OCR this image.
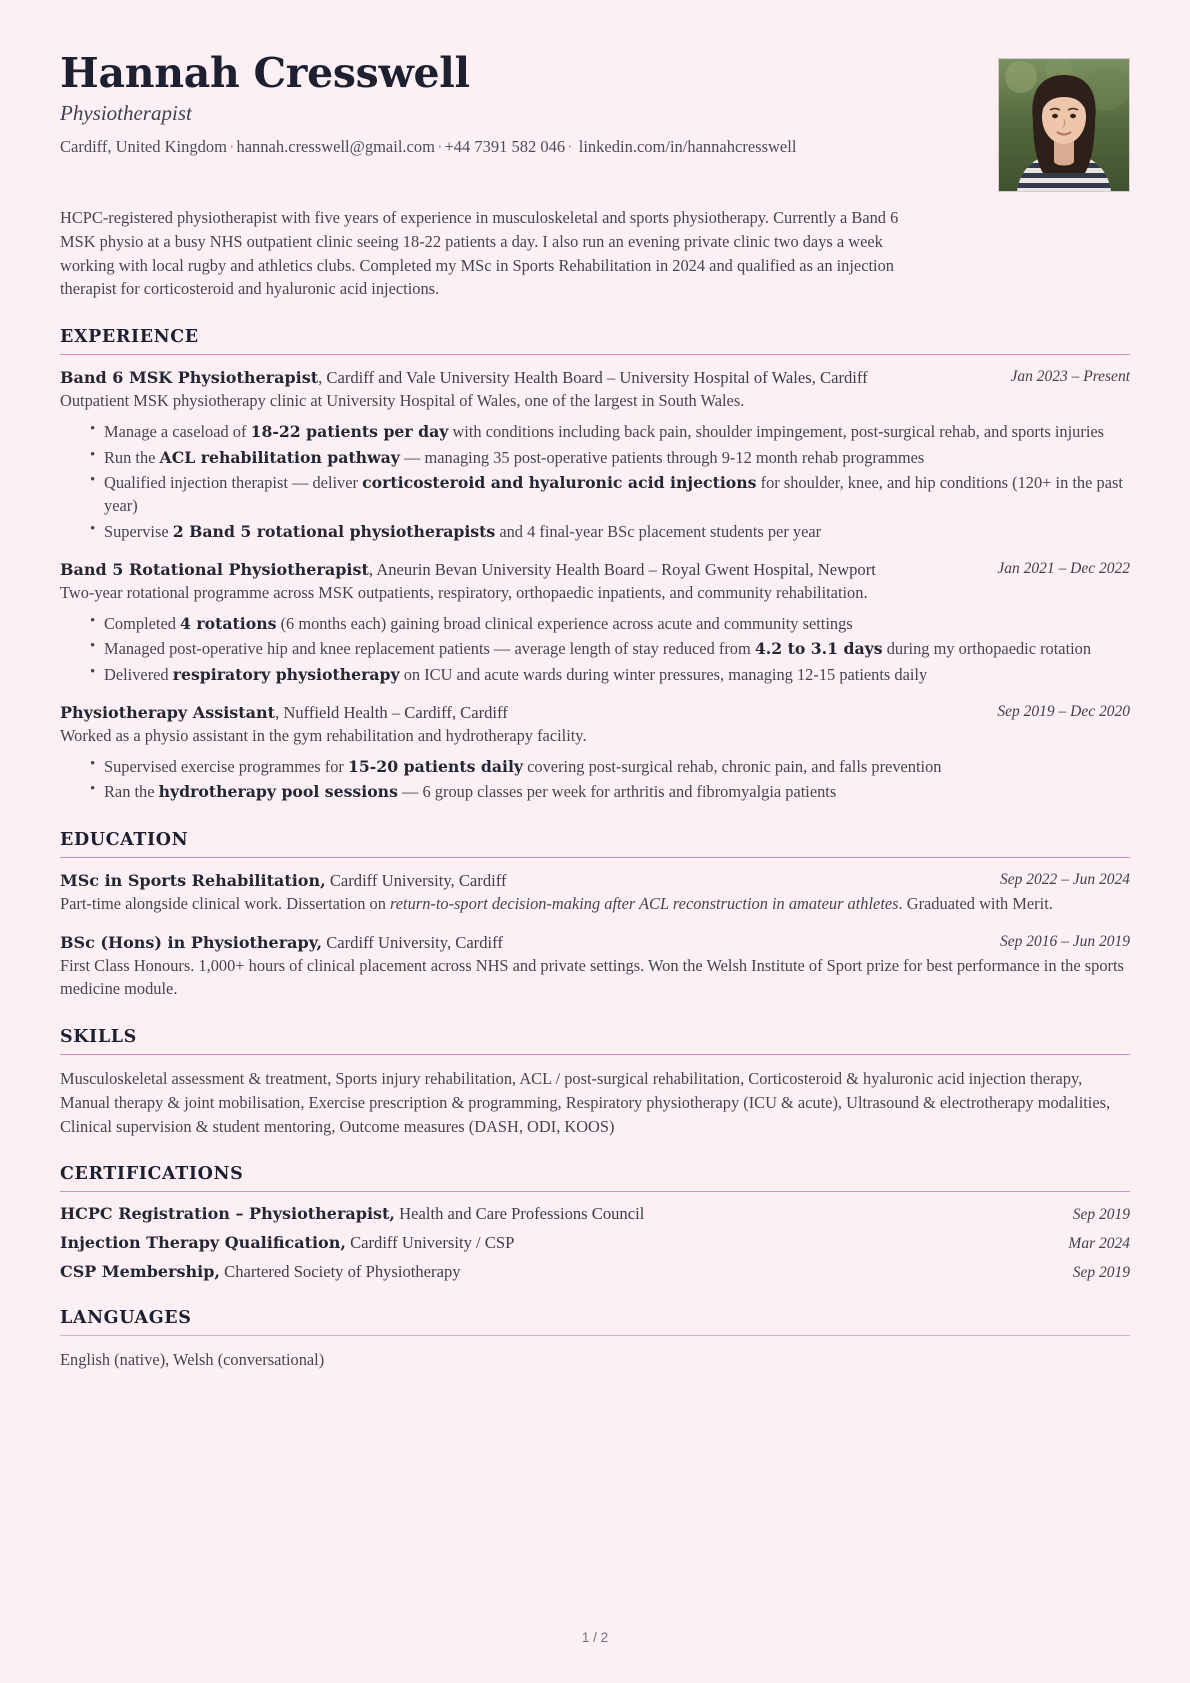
Hannah Cresswell
Physiotherapist
Cardiff, United Kingdom · hannah.cresswell@gmail.com · +44 7391 582 046 · linkedin.com/in/hannahcresswell

HCPC-registered physiotherapist with five years of experience in musculoskeletal and sports physiotherapy. Currently a Band 6 MSK physio at a busy NHS outpatient clinic seeing 18-22 patients a day. I also run an evening private clinic two days a week working with local rugby and athletics clubs. Completed my MSc in Sports Rehabilitation in 2024 and qualified as an injection therapist for corticosteroid and hyaluronic acid injections.

EXPERIENCE
Band 6 MSK Physiotherapist, Cardiff and Vale University Health Board – University Hospital of Wales, Cardiff	Jan 2023 – Present
Outpatient MSK physiotherapy clinic at University Hospital of Wales, one of the largest in South Wales.
• Manage a caseload of 18-22 patients per day with conditions including back pain, shoulder impingement, post-surgical rehab, and sports injuries
• Run the ACL rehabilitation pathway — managing 35 post-operative patients through 9-12 month rehab programmes
• Qualified injection therapist — deliver corticosteroid and hyaluronic acid injections for shoulder, knee, and hip conditions (120+ in the past year)
• Supervise 2 Band 5 rotational physiotherapists and 4 final-year BSc placement students per year
Band 5 Rotational Physiotherapist, Aneurin Bevan University Health Board – Royal Gwent Hospital, Newport	Jan 2021 – Dec 2022
Two-year rotational programme across MSK outpatients, respiratory, orthopaedic inpatients, and community rehabilitation.
• Completed 4 rotations (6 months each) gaining broad clinical experience across acute and community settings
• Managed post-operative hip and knee replacement patients — average length of stay reduced from 4.2 to 3.1 days during my orthopaedic rotation
• Delivered respiratory physiotherapy on ICU and acute wards during winter pressures, managing 12-15 patients daily
Physiotherapy Assistant, Nuffield Health – Cardiff, Cardiff	Sep 2019 – Dec 2020
Worked as a physio assistant in the gym rehabilitation and hydrotherapy facility.
• Supervised exercise programmes for 15-20 patients daily covering post-surgical rehab, chronic pain, and falls prevention
• Ran the hydrotherapy pool sessions — 6 group classes per week for arthritis and fibromyalgia patients
EDUCATION
MSc in Sports Rehabilitation, Cardiff University, Cardiff	Sep 2022 – Jun 2024
Part-time alongside clinical work. Dissertation on return-to-sport decision-making after ACL reconstruction in amateur athletes. Graduated with Merit.
BSc (Hons) in Physiotherapy, Cardiff University, Cardiff	Sep 2016 – Jun 2019
First Class Honours. 1,000+ hours of clinical placement across NHS and private settings. Won the Welsh Institute of Sport prize for best performance in the sports medicine module.
SKILLS
Musculoskeletal assessment & treatment, Sports injury rehabilitation, ACL / post-surgical rehabilitation, Corticosteroid & hyaluronic acid injection therapy, Manual therapy & joint mobilisation, Exercise prescription & programming, Respiratory physiotherapy (ICU & acute), Ultrasound & electrotherapy modalities, Clinical supervision & student mentoring, Outcome measures (DASH, ODI, KOOS)
CERTIFICATIONS
HCPC Registration – Physiotherapist, Health and Care Professions Council	Sep 2019
Injection Therapy Qualification, Cardiff University / CSP	Mar 2024
CSP Membership, Chartered Society of Physiotherapy	Sep 2019
LANGUAGES
English (native), Welsh (conversational)
1 / 2
